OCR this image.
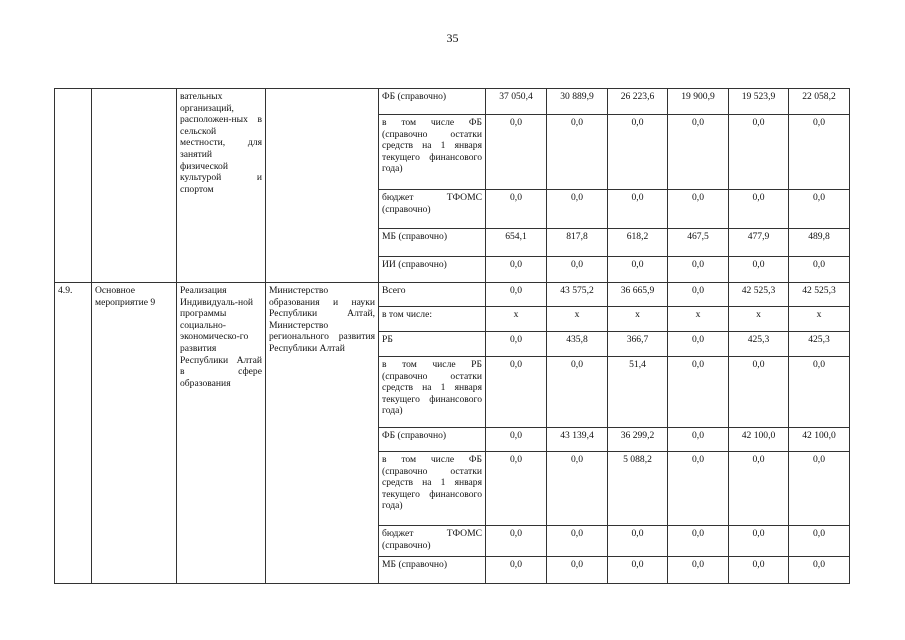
35
		вательных организаций, расположен-ных в сельской местности, для занятий физической культурой и спортом		ФБ (справочно)	37 050,4	30 889,9	26 223,6	19 900,9	19 523,9	22 058,2
				в том числе ФБ (справочно остатки средств на 1 января текущего финансового года)	0,0	0,0	0,0	0,0	0,0	0,0
				бюджет ТФОМС (справочно)	0,0	0,0	0,0	0,0	0,0	0,0
				МБ (справочно)	654,1	817,8	618,2	467,5	477,9	489,8
				ИИ (справочно)	0,0	0,0	0,0	0,0	0,0	0,0
4.9.	Основное мероприятие 9	Реализация Индивидуаль-ной программы социально-экономическо-го развития Республики Алтай в сфере образования	Министерство образования и науки Республики Алтай, Министерство регионального развития Республики Алтай	Всего	0,0	43 575,2	36 665,9	0,0	42 525,3	42 525,3
				в том числе:	х	х	х	х	х	х
				РБ	0,0	435,8	366,7	0,0	425,3	425,3
				в том числе РБ (справочно остатки средств на 1 января текущего финансового года)	0,0	0,0	51,4	0,0	0,0	0,0
				ФБ (справочно)	0,0	43 139,4	36 299,2	0,0	42 100,0	42 100,0
				в том числе ФБ (справочно остатки средств на 1 января текущего финансового года)	0,0	0,0	5 088,2	0,0	0,0	0,0
				бюджет ТФОМС (справочно)	0,0	0,0	0,0	0,0	0,0	0,0
				МБ (справочно)	0,0	0,0	0,0	0,0	0,0	0,0
